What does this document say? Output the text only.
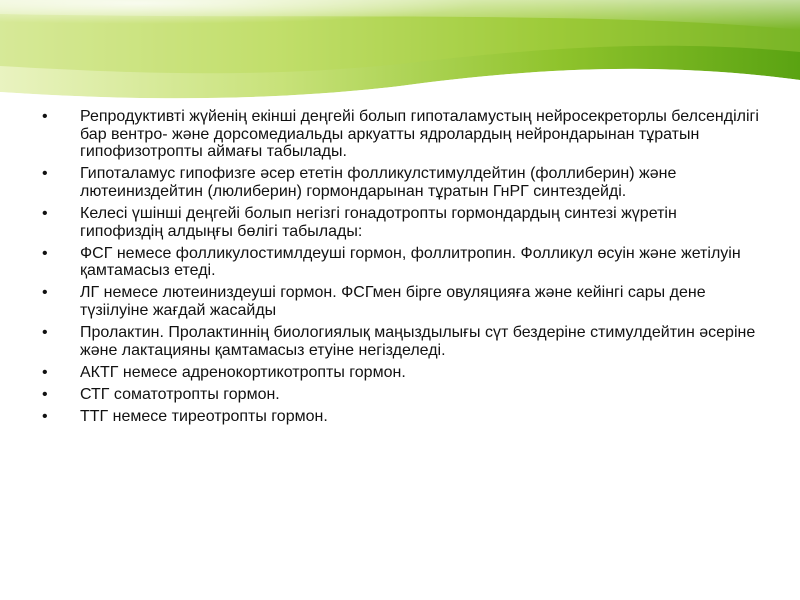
• Репродуктивті жүйенің екінші деңгейі болып гипоталамустың нейросекреторлы белсенділігі бар вентро- және дорсомедиальды аркуатты ядролардың нейрондарынан тұратын гипофизотропты аймағы табылады.
• Гипоталамус гипофизге әсер ететін фолликулстимулдейтин (фоллиберин) және лютеиниздейтин (люлиберин) гормондарынан тұратын ГнРГ синтездейді.
• Келесі үшінші деңгейі болып негізгі гонадотропты гормондардың синтезі жүретін гипофиздің алдыңғы бөлігі табылады:
• ФСГ немесе фолликулостимлдеуші гормон, фоллитропин. Фолликул өсуін және жетілуін қамтамасыз етеді.
• ЛГ немесе лютеиниздеуші гормон. ФСГмен бірге овуляцияға және кейінгі сары дене түзіілуіне жағдай жасайды
• Пролактин. Пролактиннің биологиялық маңыздылығы сүт бездеріне стимулдейтин әсеріне және лактацияны қамтамасыз етуіне негізделеді.
• АКТГ немесе адренокортикотропты гормон.
• СТГ соматотропты гормон.
• ТТГ немесе тиреотропты гормон.
